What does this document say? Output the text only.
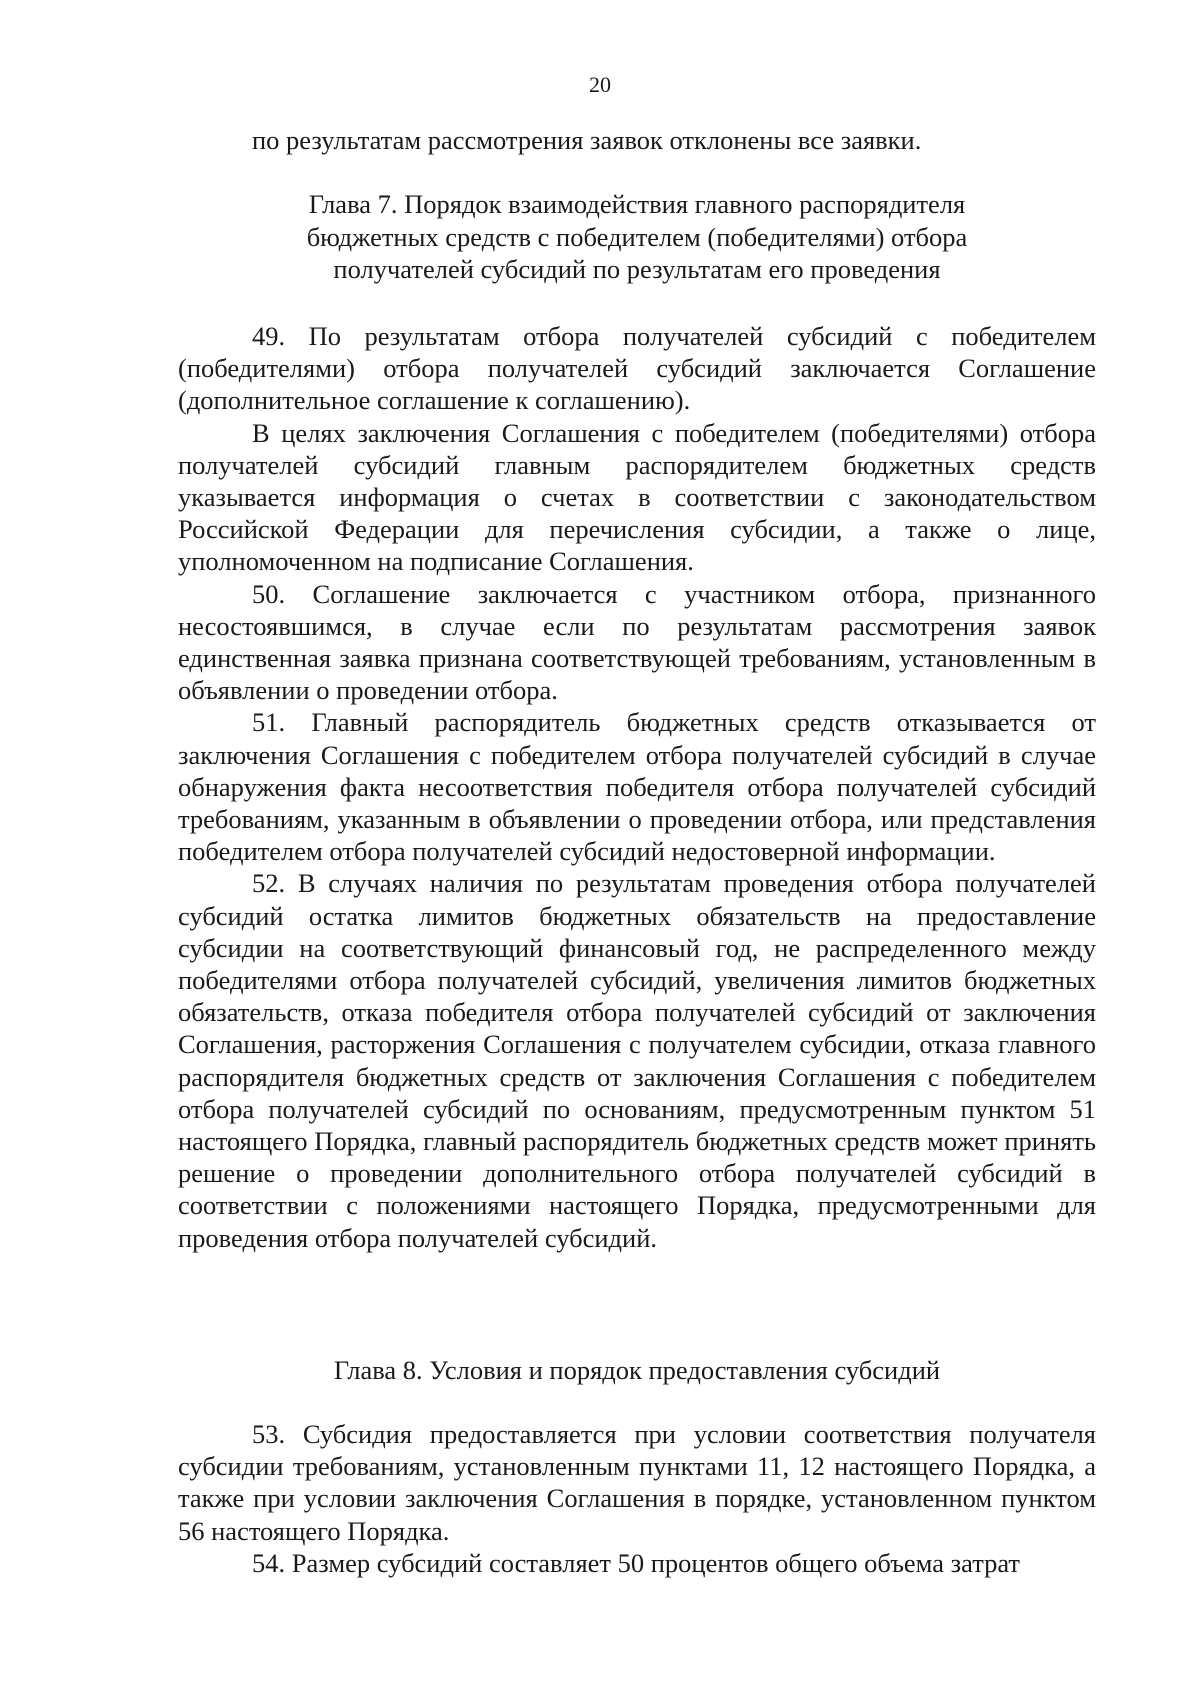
20
по результатам рассмотрения заявок отклонены все заявки.
Глава 7. Порядок взаимодействия главного распорядителя
бюджетных средств с победителем (победителями) отбора
получателей субсидий по результатам его проведения

49. По результатам отбора получателей субсидий с победителем (победителями) отбора получателей субсидий заключается Соглашение (дополнительное соглашение к соглашению).

В целях заключения Соглашения с победителем (победителями) отбора получателей субсидий главным распорядителем бюджетных средств указывается информация о счетах в соответствии с законодательством Российской Федерации для перечисления субсидии, а также о лице, уполномоченном на подписание Соглашения.

50. Соглашение заключается с участником отбора, признанного несостоявшимся, в случае если по результатам рассмотрения заявок единственная заявка признана соответствующей требованиям, установленным в объявлении о проведении отбора.

51. Главный распорядитель бюджетных средств отказывается от заключения Соглашения с победителем отбора получателей субсидий в случае обнаружения факта несоответствия победителя отбора получателей субсидий требованиям, указанным в объявлении о проведении отбора, или представления победителем отбора получателей субсидий недостоверной информации.

52. В случаях наличия по результатам проведения отбора получателей субсидий остатка лимитов бюджетных обязательств на предоставление субсидии на соответствующий финансовый год, не распределенного между победителями отбора получателей субсидий, увеличения лимитов бюджетных обязательств, отказа победителя отбора получателей субсидий от заключения Соглашения, расторжения Соглашения с получателем субсидии, отказа главного распорядителя бюджетных средств от заключения Соглашения с победителем отбора получателей субсидий по основаниям, предусмотренным пунктом 51 настоящего Порядка, главный распорядитель бюджетных средств может принять решение о проведении дополнительного отбора получателей субсидий в соответствии с положениями настоящего Порядка, предусмотренными для проведения отбора получателей субсидий.

Глава 8. Условия и порядок предоставления субсидий

53. Субсидия предоставляется при условии соответствия получателя субсидии требованиям, установленным пунктами 11, 12 настоящего Порядка, а также при условии заключения Соглашения в порядке, установленном пунктом 56 настоящего Порядка.

54. Размер субсидий составляет 50 процентов общего объема затрат
